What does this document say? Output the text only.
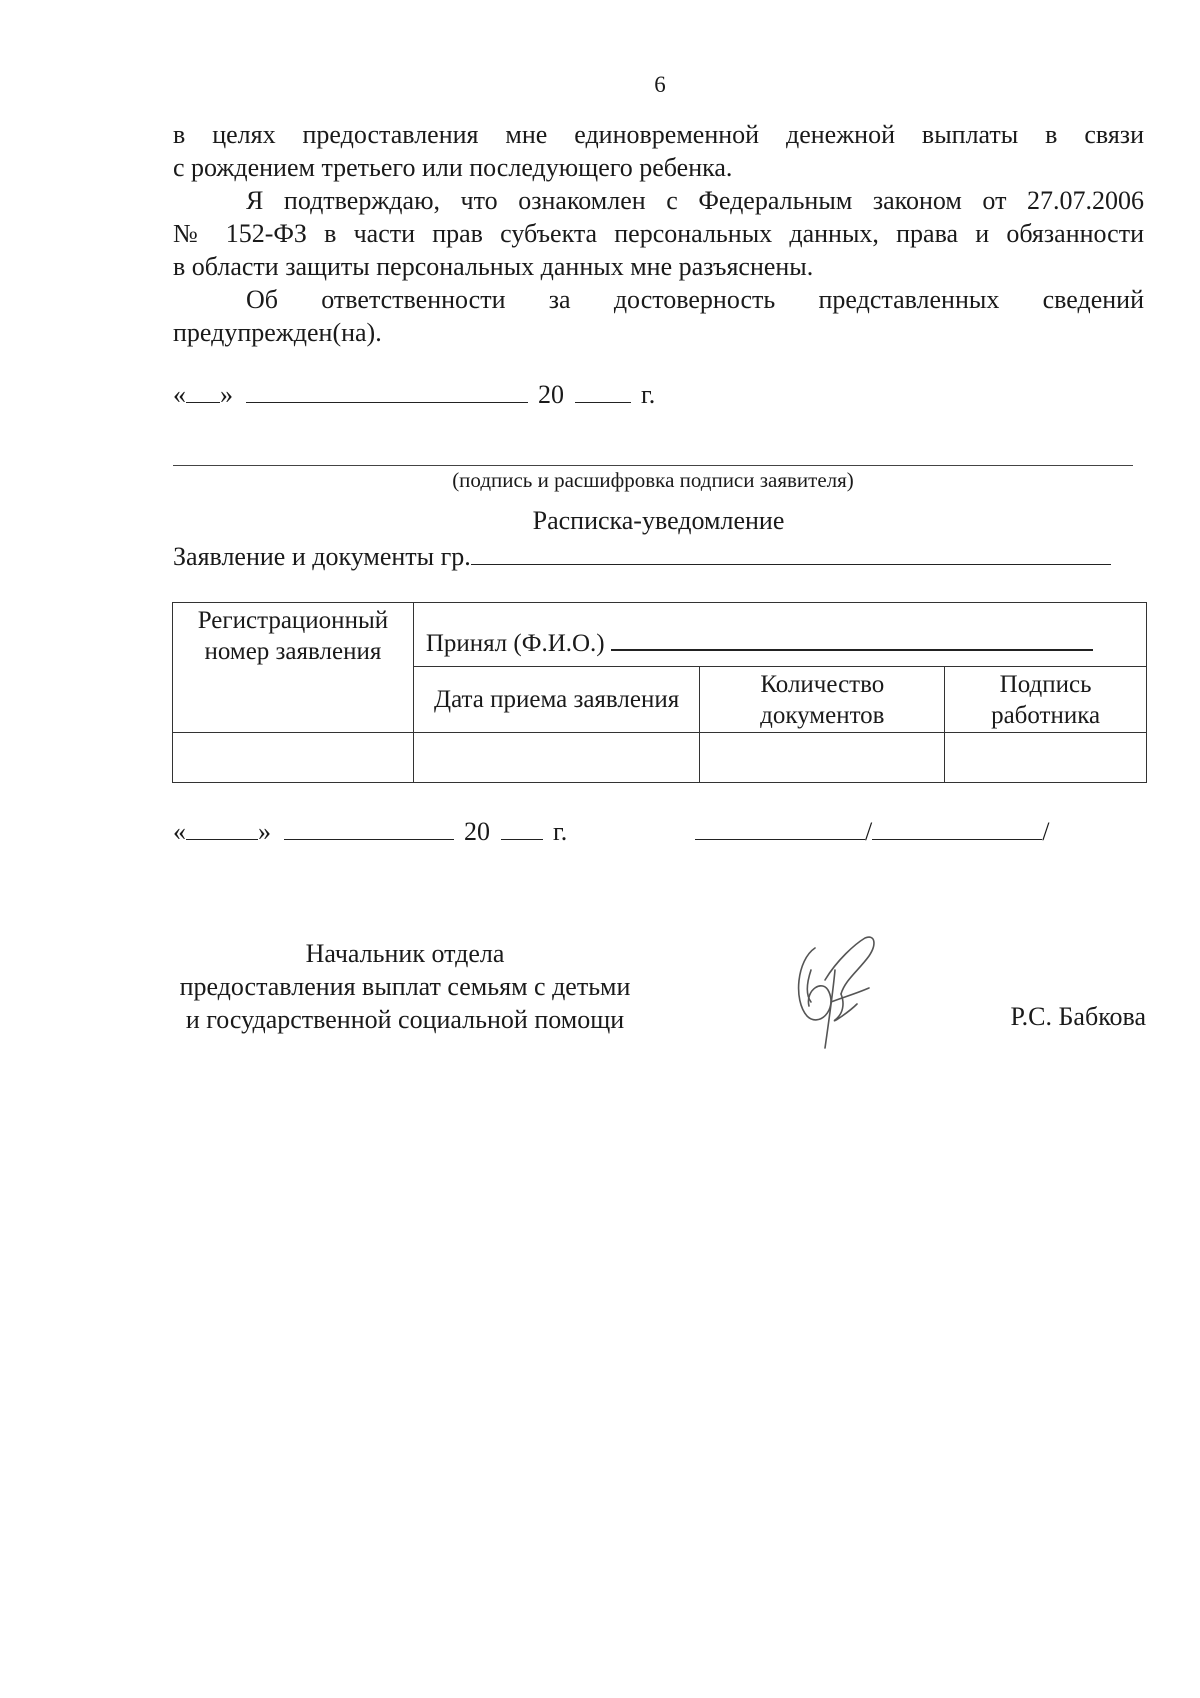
6
в целях предоставления мне единовременной денежной выплаты в связи
с рождением третьего или последующего ребенка.
Я подтверждаю, что ознакомлен с Федеральным законом от 27.07.2006
№ 152-ФЗ в части прав субъекта персональных данных, права и обязанности
в области защиты персональных данных мне разъяснены.
Об ответственности за достоверность представленных сведений
предупрежден(на).
« »	20	г.
(подпись и расшифровка подписи заявителя)
Расписка-уведомление
Заявление и документы гр.
Регистрационный номер заявления	Принял (Ф.И.О.)		
	Дата приема заявления	Количество документов	Подпись работника

«	»	20 г.	/	/
Начальник отдела
предоставления выплат семьям с детьми
и государственной социальной помощи	Р.С. Бабкова
